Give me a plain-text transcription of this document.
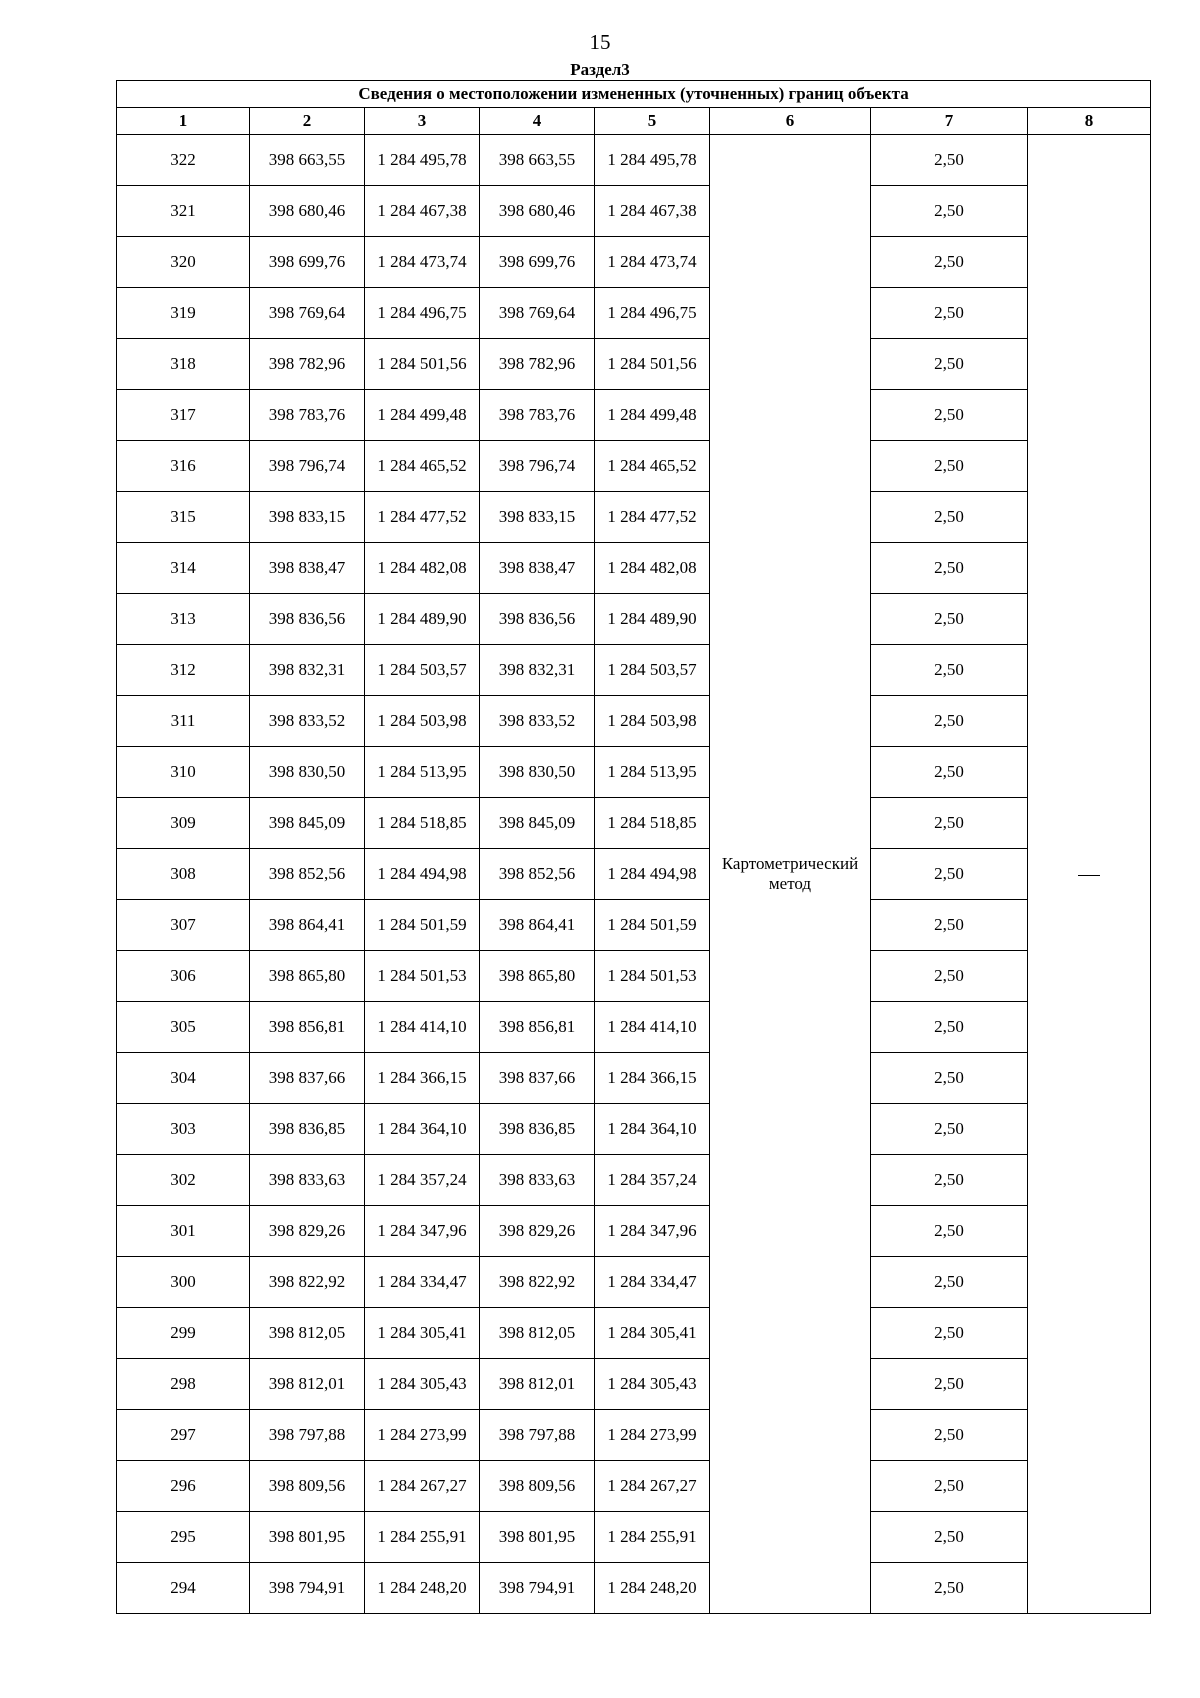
15
Раздел3
Сведения о местоположении измененных (уточненных) границ объекта							
1	2	3	4	5	6	7	8
322	398 663,55	1 284 495,78	398 663,55	1 284 495,78	Картометрический метод	2,50	
321	398 680,46	1 284 467,38	398 680,46	1 284 467,38		2,50	
320	398 699,76	1 284 473,74	398 699,76	1 284 473,74		2,50	
319	398 769,64	1 284 496,75	398 769,64	1 284 496,75		2,50	
318	398 782,96	1 284 501,56	398 782,96	1 284 501,56		2,50	
317	398 783,76	1 284 499,48	398 783,76	1 284 499,48		2,50	
316	398 796,74	1 284 465,52	398 796,74	1 284 465,52		2,50	
315	398 833,15	1 284 477,52	398 833,15	1 284 477,52		2,50	
314	398 838,47	1 284 482,08	398 838,47	1 284 482,08		2,50	
313	398 836,56	1 284 489,90	398 836,56	1 284 489,90		2,50	
312	398 832,31	1 284 503,57	398 832,31	1 284 503,57		2,50	
311	398 833,52	1 284 503,98	398 833,52	1 284 503,98		2,50	
310	398 830,50	1 284 513,95	398 830,50	1 284 513,95		2,50	
309	398 845,09	1 284 518,85	398 845,09	1 284 518,85		2,50	
308	398 852,56	1 284 494,98	398 852,56	1 284 494,98		2,50	
307	398 864,41	1 284 501,59	398 864,41	1 284 501,59		2,50	
306	398 865,80	1 284 501,53	398 865,80	1 284 501,53		2,50	
305	398 856,81	1 284 414,10	398 856,81	1 284 414,10		2,50	
304	398 837,66	1 284 366,15	398 837,66	1 284 366,15		2,50	
303	398 836,85	1 284 364,10	398 836,85	1 284 364,10		2,50	
302	398 833,63	1 284 357,24	398 833,63	1 284 357,24		2,50	
301	398 829,26	1 284 347,96	398 829,26	1 284 347,96		2,50	
300	398 822,92	1 284 334,47	398 822,92	1 284 334,47		2,50	
299	398 812,05	1 284 305,41	398 812,05	1 284 305,41		2,50	
298	398 812,01	1 284 305,43	398 812,01	1 284 305,43		2,50	
297	398 797,88	1 284 273,99	398 797,88	1 284 273,99		2,50	
296	398 809,56	1 284 267,27	398 809,56	1 284 267,27		2,50	
295	398 801,95	1 284 255,91	398 801,95	1 284 255,91		2,50	
294	398 794,91	1 284 248,20	398 794,91	1 284 248,20		2,50	
